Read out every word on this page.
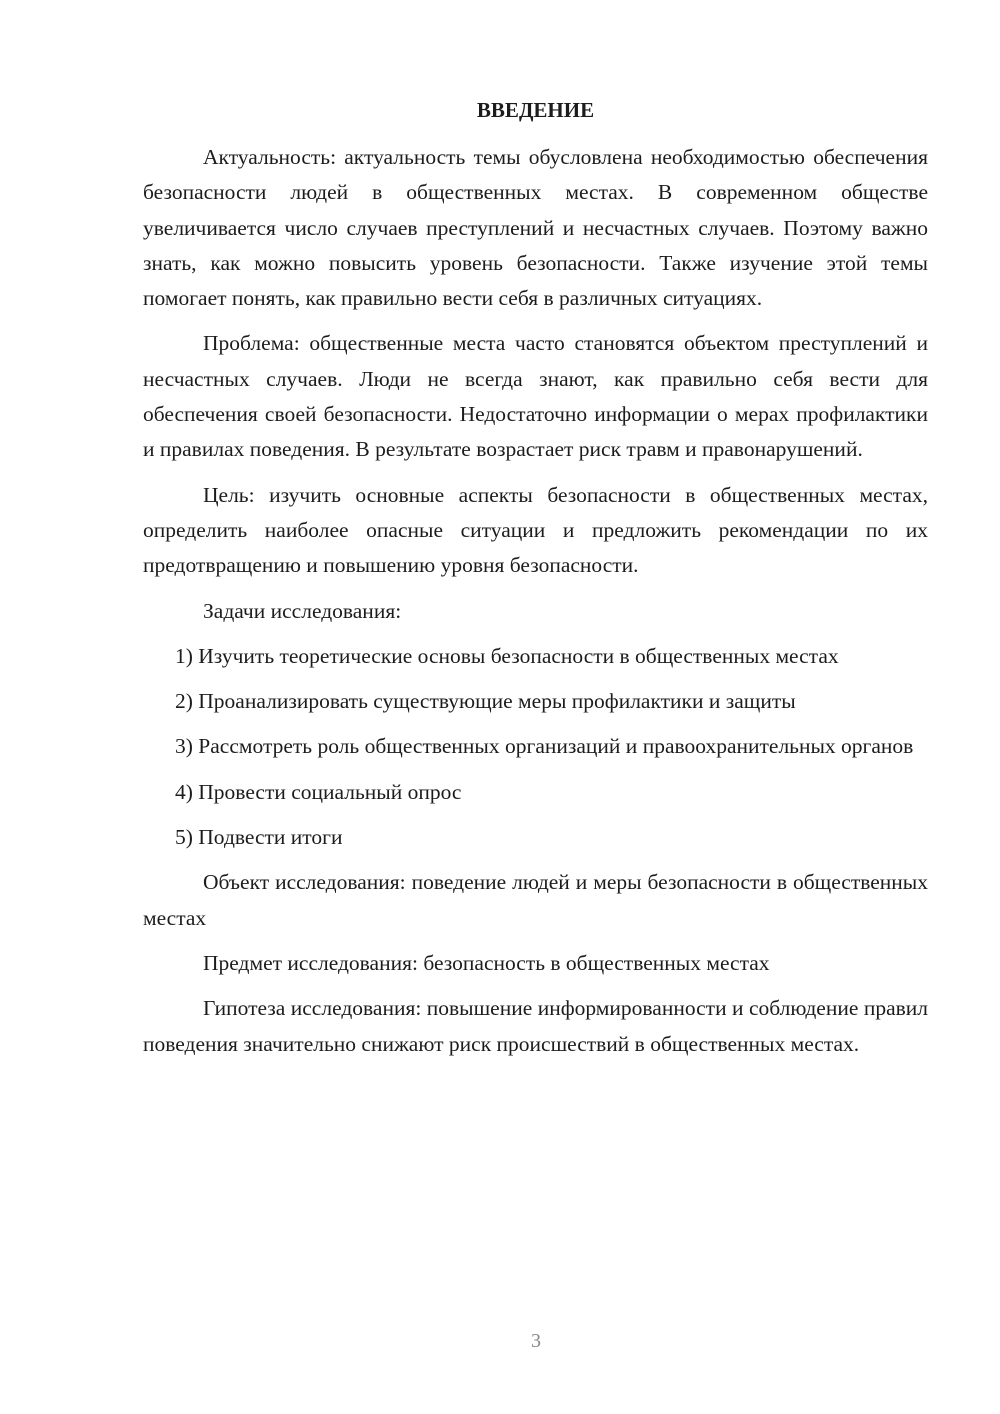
ВВЕДЕНИЕ

Актуальность: актуальность темы обусловлена необходимостью обеспечения безопасности людей в общественных местах. В современном обществе увеличивается число случаев преступлений и несчастных случаев. Поэтому важно знать, как можно повысить уровень безопасности. Также изучение этой темы помогает понять, как правильно вести себя в различных ситуациях.

Проблема: общественные места часто становятся объектом преступлений и несчастных случаев. Люди не всегда знают, как правильно себя вести для обеспечения своей безопасности. Недостаточно информации о мерах профилактики и правилах поведения. В результате возрастает риск травм и правонарушений.

Цель: изучить основные аспекты безопасности в общественных местах, определить наиболее опасные ситуации и предложить рекомендации по их предотвращению и повышению уровня безопасности.

Задачи исследования:

1) Изучить теоретические основы безопасности в общественных местах

2) Проанализировать существующие меры профилактики и защиты

3) Рассмотреть роль общественных организаций и правоохранительных органов

4) Провести социальный опрос

5) Подвести итоги

Объект исследования: поведение людей и меры безопасности в общественных местах

Предмет исследования: безопасность в общественных местах

Гипотеза исследования: повышение информированности и соблюдение правил поведения значительно снижают риск происшествий в общественных местах.

3
